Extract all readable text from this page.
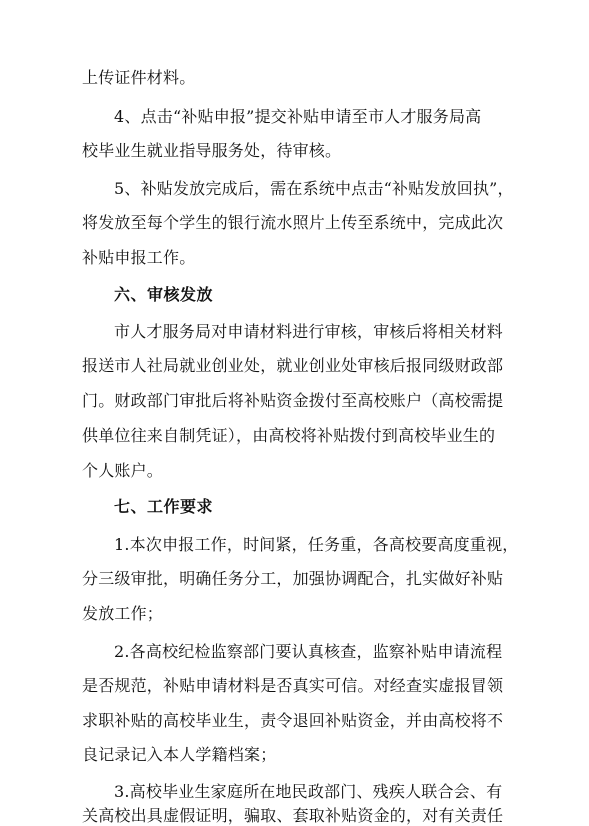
上传证件材料。
4、点击“补贴申报”提交补贴申请至市人才服务局高
校毕业生就业指导服务处，待审核。
5、补贴发放完成后，需在系统中点击“补贴发放回执”，
将发放至每个学生的银行流水照片上传至系统中，完成此次
补贴申报工作。
六、审核发放
市人才服务局对申请材料进行审核，审核后将相关材料
报送市人社局就业创业处，就业创业处审核后报同级财政部
门。财政部门审批后将补贴资金拨付至高校账户（高校需提
供单位往来自制凭证），由高校将补贴拨付到高校毕业生的
个人账户。
七、工作要求
1.本次申报工作，时间紧，任务重，各高校要高度重视，
分三级审批，明确任务分工，加强协调配合，扎实做好补贴
发放工作；
2.各高校纪检监察部门要认真核查，监察补贴申请流程
是否规范，补贴申请材料是否真实可信。对经查实虚报冒领
求职补贴的高校毕业生，责令退回补贴资金，并由高校将不
良记录记入本人学籍档案；
3.高校毕业生家庭所在地民政部门、残疾人联合会、有
关高校出具虚假证明，骗取、套取补贴资金的，对有关责任
